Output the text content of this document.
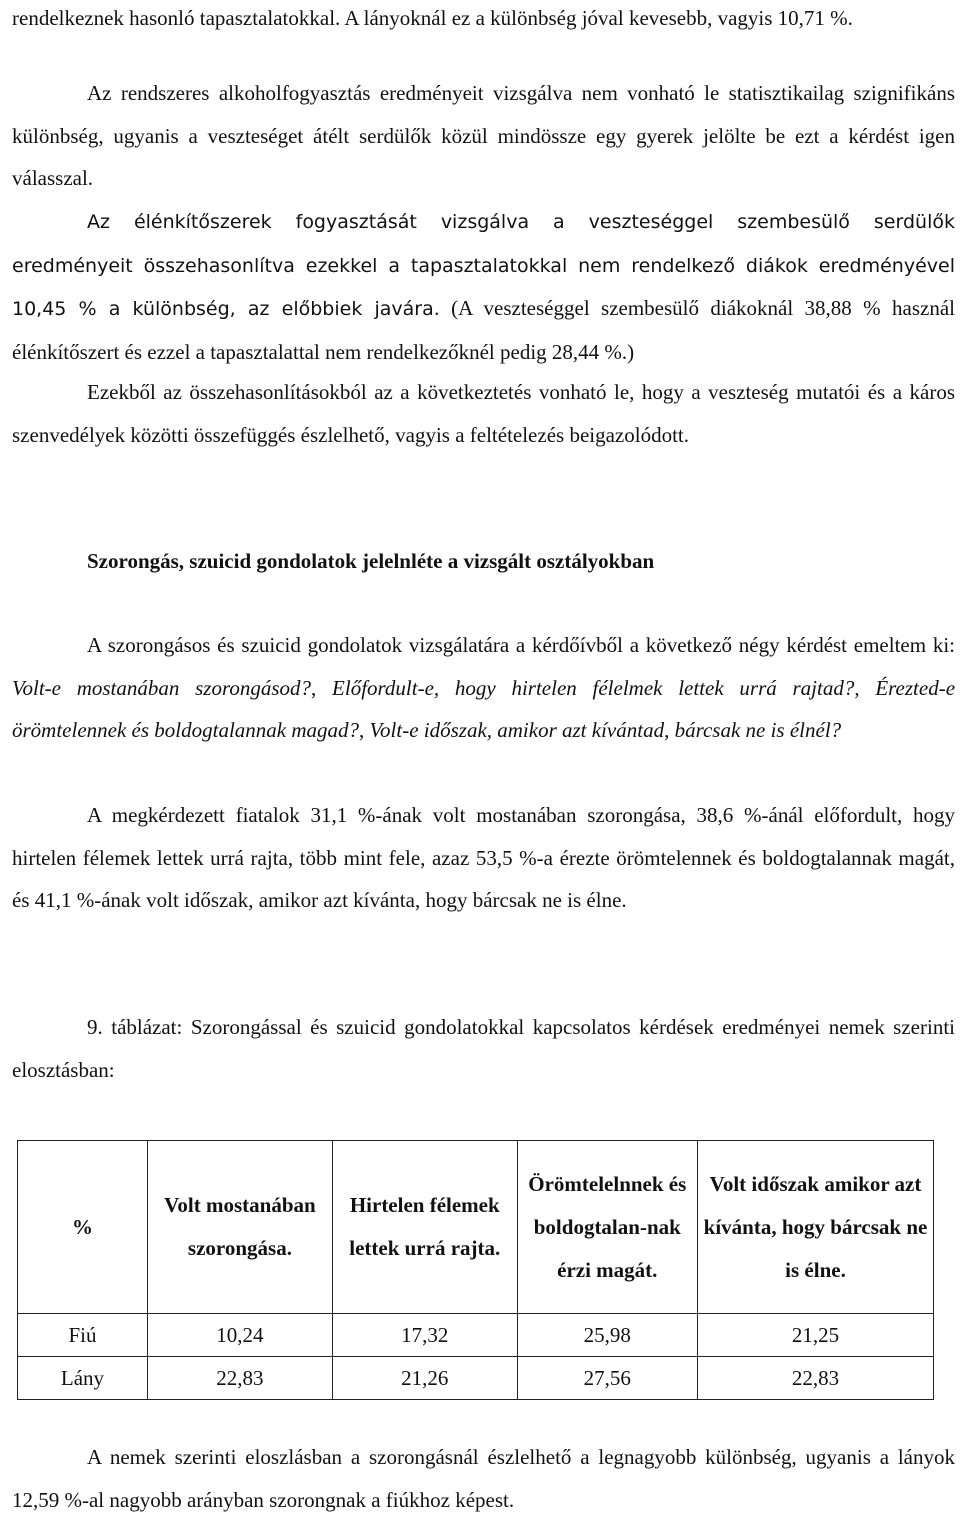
rendelkeznek hasonló tapasztalatokkal. A lányoknál ez a különbség jóval kevesebb, vagyis 10,71 %.

Az rendszeres alkoholfogyasztás eredményeit vizsgálva nem vonható le statisztikailag szignifikáns különbség, ugyanis a veszteséget átélt serdülők közül mindössze egy gyerek jelölte be ezt a kérdést igen válasszal.

Az élénkítőszerek fogyasztását vizsgálva a veszteséggel szembesülő serdülők eredményeit összehasonlítva ezekkel a tapasztalatokkal nem rendelkező diákok eredményével 10,45 % a különbség, az előbbiek javára. (A veszteséggel szembesülő diákoknál 38,88 % használ élénkítőszert és ezzel a tapasztalattal nem rendelkezőknél pedig 28,44 %.)

Ezekből az összehasonlításokból az a következtetés vonható le, hogy a veszteség mutatói és a káros szenvedélyek közötti összefüggés észlelhető, vagyis a feltételezés beigazolódott.

Szorongás, szuicid gondolatok jelelnléte a vizsgált osztályokban

A szorongásos és szuicid gondolatok vizsgálatára a kérdőívből a következő négy kérdést emeltem ki: Volt-e mostanában szorongásod?, Előfordult-e, hogy hirtelen félelmek lettek urrá rajtad?, Érezted-e örömtelennek és boldogtalannak magad?, Volt-e időszak, amikor azt kívántad, bárcsak ne is élnél?

A megkérdezett fiatalok 31,1 %-ának volt mostanában szorongása, 38,6 %-ánál előfordult, hogy hirtelen félemek lettek urrá rajta, több mint fele, azaz 53,5 %-a érezte örömtelennek és boldogtalannak magát, és 41,1 %-ának volt időszak, amikor azt kívánta, hogy bárcsak ne is élne.

9. táblázat: Szorongással és szuicid gondolatokkal kapcsolatos kérdések eredményei nemek szerinti elosztásban:

%	Volt mostanában szorongása.	Hirtelen félemek lettek urrá rajta.	Örömtelelnnek és boldogtalan-nak érzi magát.	Volt időszak amikor azt kívánta, hogy bárcsak ne is élne.
Fiú	10,24	17,32	25,98	21,25
Lány	22,83	21,26	27,56	22,83

A nemek szerinti eloszlásban a szorongásnál észlelhető a legnagyobb különbség, ugyanis a lányok 12,59 %-al nagyobb arányban szorongnak a fiúkhoz képest.
